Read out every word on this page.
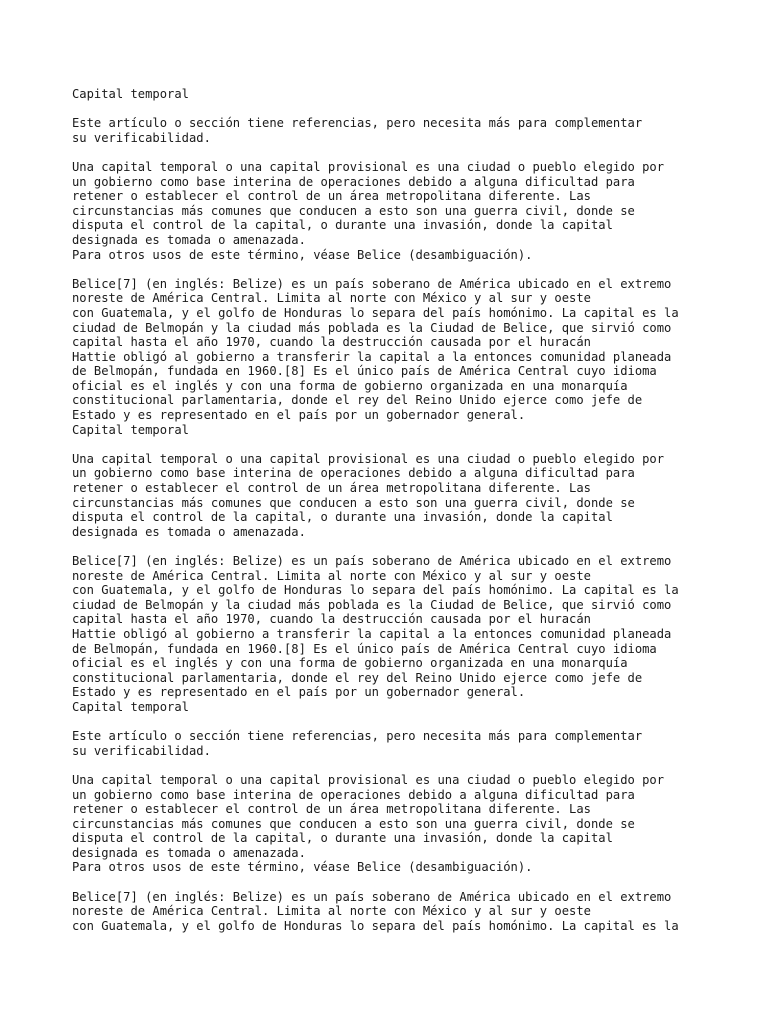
Capital temporal
Este artículo o sección tiene referencias, pero necesita más para complementar
su verificabilidad.
Una capital temporal o una capital provisional es una ciudad o pueblo elegido por
un gobierno como base interina de operaciones debido a alguna dificultad para
retener o establecer el control de un área metropolitana diferente. Las
circunstancias más comunes que conducen a esto son una guerra civil, donde se
disputa el control de la capital, o durante una invasión, donde la capital
designada es tomada o amenazada.
Para otros usos de este término, véase Belice (desambiguación).
Belice[7] (en inglés: Belize) es un país soberano de América ubicado en el extremo
noreste de América Central. Limita al norte con México y al sur y oeste
con Guatemala, y el golfo de Honduras lo separa del país homónimo. La capital es la
ciudad de Belmopán y la ciudad más poblada es la Ciudad de Belice, que sirvió como
capital hasta el año 1970, cuando la destrucción causada por el huracán
Hattie obligó al gobierno a transferir la capital a la entonces comunidad planeada
de Belmopán, fundada en 1960.[8] Es el único país de América Central cuyo idioma
oficial es el inglés y con una forma de gobierno organizada en una monarquía
constitucional parlamentaria, donde el rey del Reino Unido ejerce como jefe de
Estado y es representado en el país por un gobernador general.
Capital temporal
Una capital temporal o una capital provisional es una ciudad o pueblo elegido por
un gobierno como base interina de operaciones debido a alguna dificultad para
retener o establecer el control de un área metropolitana diferente. Las
circunstancias más comunes que conducen a esto son una guerra civil, donde se
disputa el control de la capital, o durante una invasión, donde la capital
designada es tomada o amenazada.
Belice[7] (en inglés: Belize) es un país soberano de América ubicado en el extremo
noreste de América Central. Limita al norte con México y al sur y oeste
con Guatemala, y el golfo de Honduras lo separa del país homónimo. La capital es la
ciudad de Belmopán y la ciudad más poblada es la Ciudad de Belice, que sirvió como
capital hasta el año 1970, cuando la destrucción causada por el huracán
Hattie obligó al gobierno a transferir la capital a la entonces comunidad planeada
de Belmopán, fundada en 1960.[8] Es el único país de América Central cuyo idioma
oficial es el inglés y con una forma de gobierno organizada en una monarquía
constitucional parlamentaria, donde el rey del Reino Unido ejerce como jefe de
Estado y es representado en el país por un gobernador general.
Capital temporal
Este artículo o sección tiene referencias, pero necesita más para complementar
su verificabilidad.
Una capital temporal o una capital provisional es una ciudad o pueblo elegido por
un gobierno como base interina de operaciones debido a alguna dificultad para
retener o establecer el control de un área metropolitana diferente. Las
circunstancias más comunes que conducen a esto son una guerra civil, donde se
disputa el control de la capital, o durante una invasión, donde la capital
designada es tomada o amenazada.
Para otros usos de este término, véase Belice (desambiguación).
Belice[7] (en inglés: Belize) es un país soberano de América ubicado en el extremo
noreste de América Central. Limita al norte con México y al sur y oeste
con Guatemala, y el golfo de Honduras lo separa del país homónimo. La capital es la
